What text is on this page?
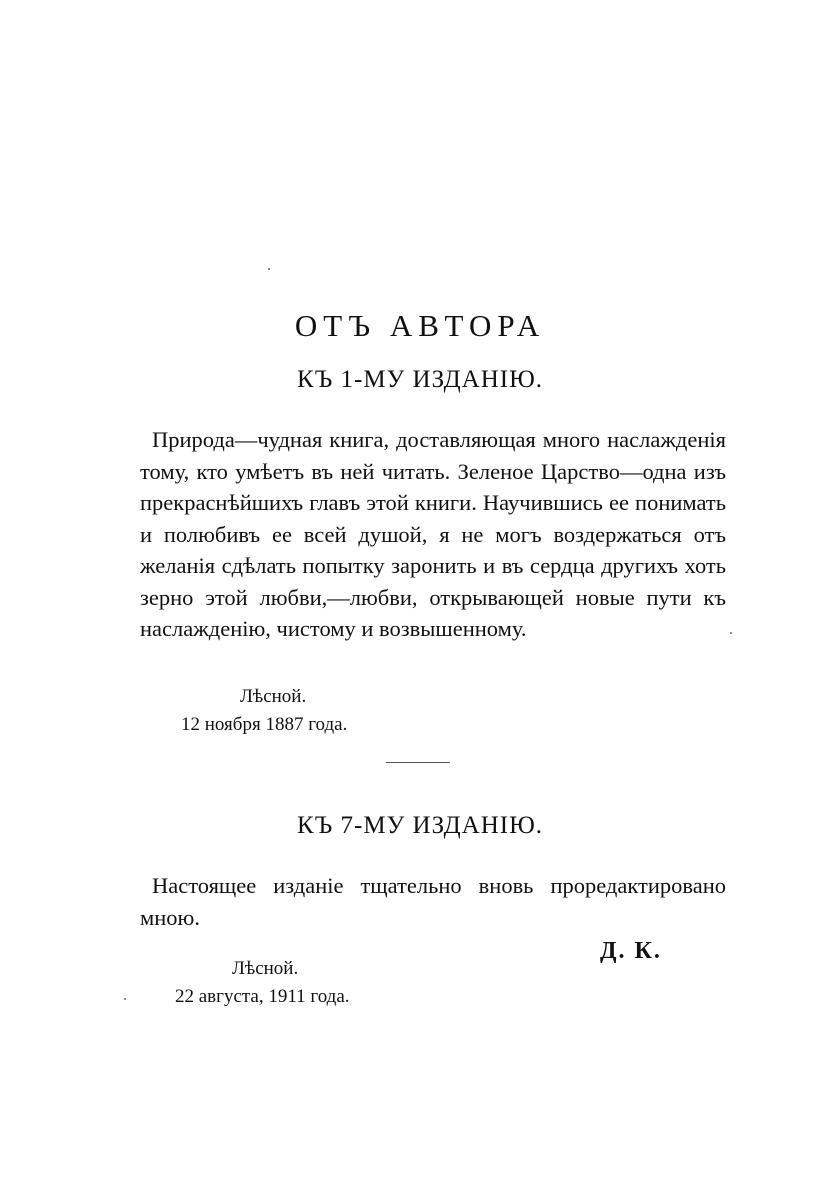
ОТЪ АВТОРА
КЪ 1-МУ ИЗДАНІЮ.

Природа—чудная книга, доставляющая много наслажденія тому, кто умѣетъ въ ней читать. Зеленое Царство—одна изъ прекраснѣйшихъ главъ этой книги. Научившись ее понимать и полюбивъ ее всей душой, я не могъ воздержаться отъ желанія сдѣлать попытку заронить и въ сердца другихъ хоть зерно этой любви,—любви, открывающей новые пути къ наслажденію, чистому и возвышенному.

Лѣсной.

12 ноября 1887 года.

КЪ 7-МУ ИЗДАНІЮ.

Настоящее изданіе тщательно вновь проредактировано мною.

Д. К.

Лѣсной.

22 августа, 1911 года.
